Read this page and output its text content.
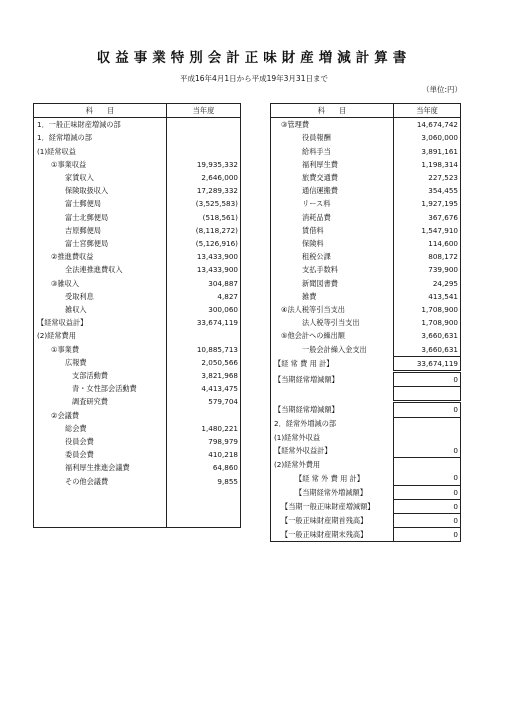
収益事業特別会計正味財産増減計算書
平成16年4月1日から平成19年3月31日まで
（単位:円）
科　　目	当年度
1．一般正味財産増減の部	
1．経常増減の部	
(1)経常収益	
①事業収益	19,935,332
家賃収入	2,646,000
保険取扱収入	17,289,332
富士郵便局	(3,525,583)
富士北郵便局	(518,561)
吉原郵便局	(8,118,272)
富士宮郵便局	(5,126,916)
②推進費収益	13,433,900
全法連推進費収入	13,433,900
③雑収入	304,887
受取利息	4,827
雑収入	300,060
【経常収益計】	33,674,119
(2)経常費用	
①事業費	10,885,713
広報費	2,050,566
支部活動費	3,821,968
青・女性部会活動費	4,413,475
調査研究費	579,704
②会議費	
総会費	1,480,221
役員会費	798,979
委員会費	410,218
福利厚生推進会議費	64,860
その他会議費	9,855

科　　目	当年度
③管理費	14,674,742
役員報酬	3,060,000
給料手当	3,891,161
福利厚生費	1,198,314
旅費交通費	227,523
通信運搬費	354,455
リース料	1,927,195
消耗品費	367,676
賃借料	1,547,910
保険料	114,600
租税公課	808,172
支払手数料	739,900
新聞図書費	24,295
雑費	413,541
④法人税等引当支出	1,708,900
法人税等引当支出	1,708,900
⑤他会計への繰出額	3,660,631
一般会計繰入金支出	3,660,631
【経 常 費 用 計】	33,674,119
【当期経常増減額】	0

【当期経常増減額】	0
2．経常外増減の部	
(1)経常外収益	
【経常外収益計】	0
(2)経常外費用	
【経 常 外 費 用 計】	0
【当期経常外増減額】	0
【当期一般正味財産増減額】	0
【一般正味財産期首残高】	0
【一般正味財産期末残高】	0
